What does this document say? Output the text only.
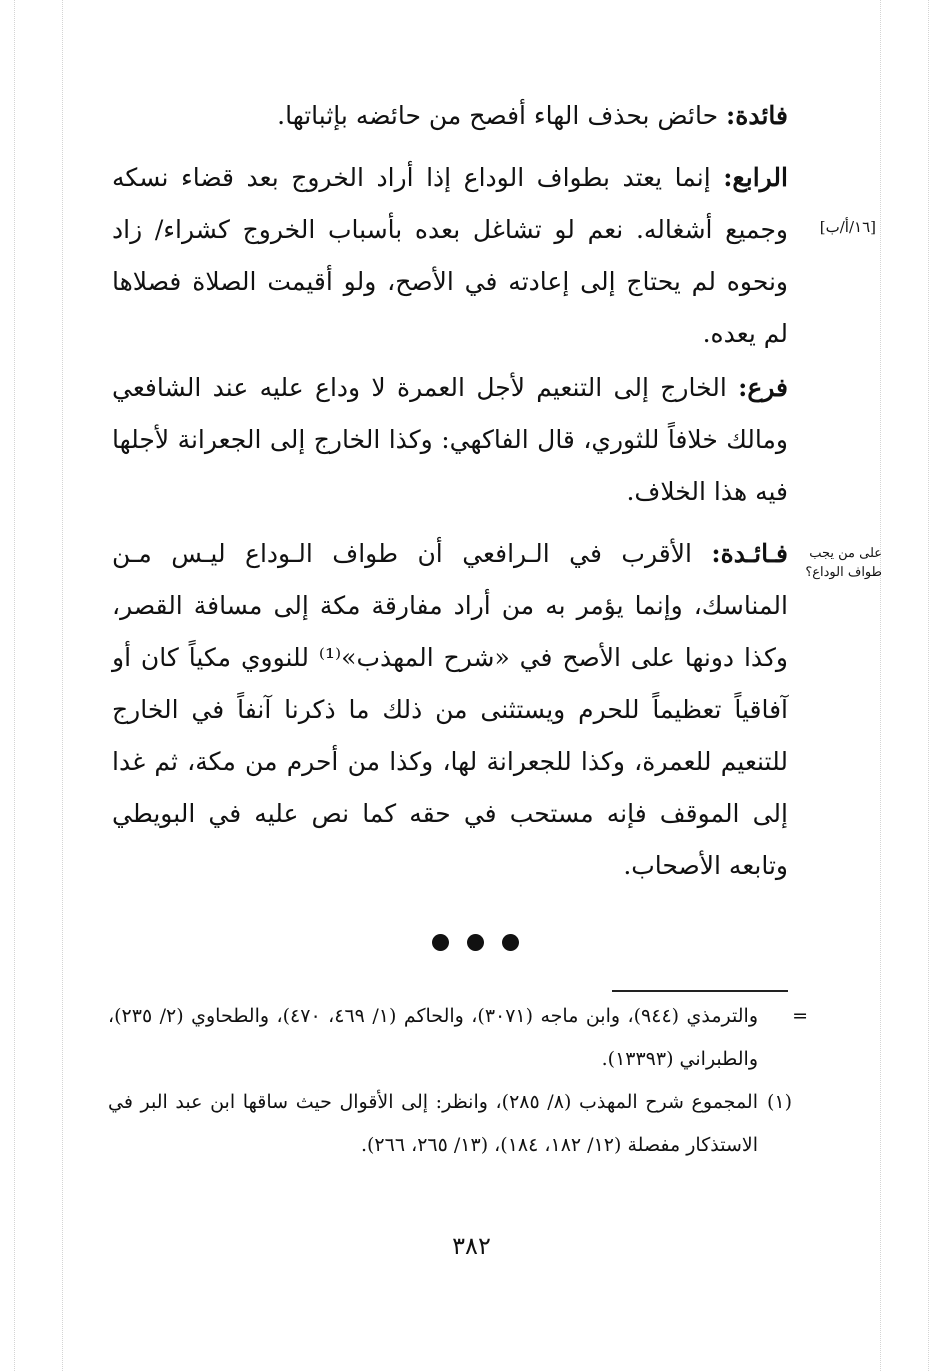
فائدة: حائض بحذف الهاء أفصح من حائضه بإثباتها.

الرابع: إنما يعتد بطواف الوداع إذا أراد الخروج بعد قضاء نسكه وجميع أشغاله. نعم لو تشاغل بعده بأسباب الخروج كشراء/ زاد ونحوه لم يحتاج إلى إعادته في الأصح، ولو أقيمت الصلاة فصلاها لم يعده.

[١٦/أ/ب]

فرع: الخارج إلى التنعيم لأجل العمرة لا وداع عليه عند الشافعي ومالك خلافاً للثوري، قال الفاكهي: وكذا الخارج إلى الجعرانة لأجلها فيه هذا الخلاف.

فـائـدة: الأقرب في الـرافعي أن طواف الـوداع ليـس مـن المناسك، وإنما يؤمر به من أراد مفارقة مكة إلى مسافة القصر، وكذا دونها على الأصح في «شرح المهذب»⁽¹⁾ للنووي مكياً كان أو آفاقياً تعظيماً للحرم ويستثنى من ذلك ما ذكرنا آنفاً في الخارج للتنعيم للعمرة، وكذا للجعرانة لها، وكذا من أحرم من مكة، ثم غدا إلى الموقف فإنه مستحب في حقه كما نص عليه في البويطي وتابعه الأصحاب.

على من يجب طواف الوداع؟
=

والترمذي (٩٤٤)، وابن ماجه (٣٠٧١)، والحاكم (١/ ٤٦٩، ٤٧٠)، والطحاوي (٢/ ٢٣٥)، والطبراني (١٣٣٩٣).

(١)

المجموع شرح المهذب (٨/ ٢٨٥)، وانظر: إلى الأقوال حيث ساقها ابن عبد البر في الاستذكار مفصلة (١٢/ ١٨٢، ١٨٤)، (١٣/ ٢٦٥، ٢٦٦).

٣٨٢
